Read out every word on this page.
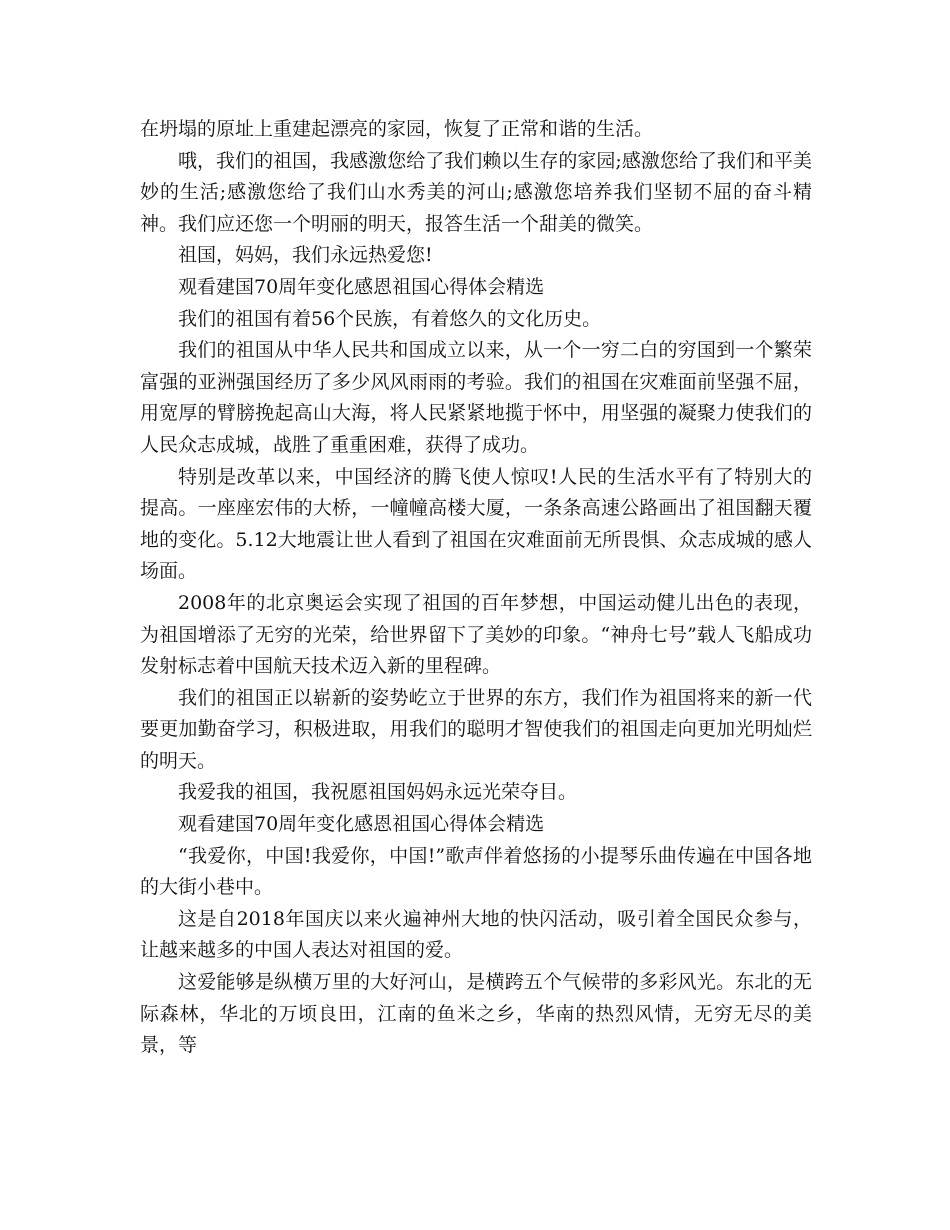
在坍塌的原址上重建起漂亮的家园，恢复了正常和谐的生活。

哦，我们的祖国，我感激您给了我们赖以生存的家园;感激您给了我们和平美妙的生活;感激您给了我们山水秀美的河山;感激您培养我们坚韧不屈的奋斗精神。我们应还您一个明丽的明天，报答生活一个甜美的微笑。

祖国，妈妈，我们永远热爱您!

观看建国70周年变化感恩祖国心得体会精选

我们的祖国有着56个民族，有着悠久的文化历史。

我们的祖国从中华人民共和国成立以来，从一个一穷二白的穷国到一个繁荣富强的亚洲强国经历了多少风风雨雨的考验。我们的祖国在灾难面前坚强不屈，用宽厚的臂膀挽起高山大海，将人民紧紧地揽于怀中，用坚强的凝聚力使我们的人民众志成城，战胜了重重困难，获得了成功。

特别是改革以来，中国经济的腾飞使人惊叹!人民的生活水平有了特别大的提高。一座座宏伟的大桥，一幢幢高楼大厦，一条条高速公路画出了祖国翻天覆地的变化。5.12大地震让世人看到了祖国在灾难面前无所畏惧、众志成城的感人场面。

2008年的北京奥运会实现了祖国的百年梦想，中国运动健儿出色的表现，为祖国增添了无穷的光荣，给世界留下了美妙的印象。“神舟七号”载人飞船成功发射标志着中国航天技术迈入新的里程碑。

我们的祖国正以崭新的姿势屹立于世界的东方，我们作为祖国将来的新一代要更加勤奋学习，积极进取，用我们的聪明才智使我们的祖国走向更加光明灿烂的明天。

我爱我的祖国，我祝愿祖国妈妈永远光荣夺目。

观看建国70周年变化感恩祖国心得体会精选

“我爱你，中国!我爱你，中国!”歌声伴着悠扬的小提琴乐曲传遍在中国各地的大街小巷中。

这是自2018年国庆以来火遍神州大地的快闪活动，吸引着全国民众参与，让越来越多的中国人表达对祖国的爱。

这爱能够是纵横万里的大好河山，是横跨五个气候带的多彩风光。东北的无际森林，华北的万顷良田，江南的鱼米之乡，华南的热烈风情，无穷无尽的美景，等
